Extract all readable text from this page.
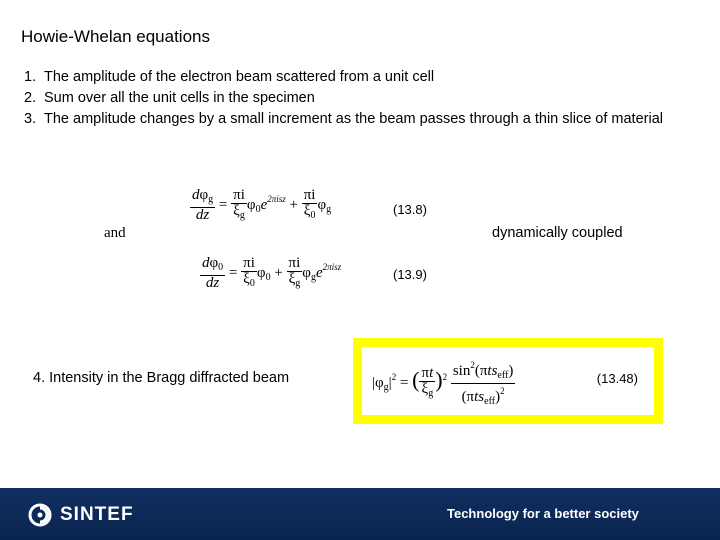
Howie-Whelan equations
1. The amplitude of the electron beam scattered from a unit cell
2. Sum over all the unit cells in the specimen
3. The amplitude changes by a small increment as the beam passes through a thin slice of material
$\frac{d\varphi_g}{dz} = \frac{\pi i}{\xi_g} \varphi_0e^{2\pi isz} + \frac{\pi i}{\xi_0} \varphi_g$	(13.8)
and	dynamically coupled
$\frac{d\varphi_0}{dz} = \frac{\pi i}{\xi_0} \varphi_0 + \frac{\pi i}{\xi_g} \varphi_ge^{2\pi isz}$
(13.9)
4. Intensity in the Bragg diffracted beam	$|\varphi_g|^2$ = ( $\frac{\pi t}{\xi_g} )^2 \frac{\sin^2(\pi ts_{eff})}{(\pi ts_{eff})^2}$	(13.48)
SINTEF	Technology for a better society
